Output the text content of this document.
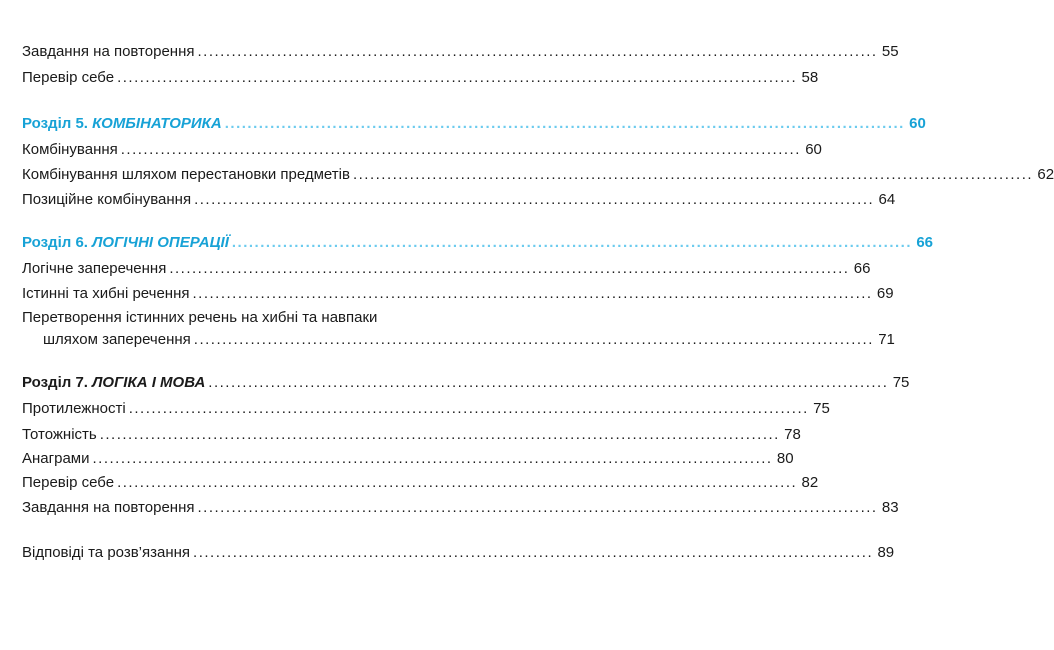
Завдання на повторення ........................................................................................................................ 55
Перевір себе ........................................................................................................................ 58
Розділ 5. КОМБІНАТОРИКА ........................................................................................................................ 60
Комбінування ........................................................................................................................ 60
Комбінування шляхом перестановки предметів ........................................................................................................................ 62
Позиційне комбінування ........................................................................................................................ 64
Розділ 6. ЛОГІЧНІ ОПЕРАЦІЇ ........................................................................................................................ 66
Логічне заперечення ........................................................................................................................ 66
Істинні та хибні речення ........................................................................................................................ 69
Перетворення істинних речень на хибні та навпаки
шляхом заперечення ........................................................................................................................ 71
Розділ 7. ЛОГІКА І МОВА ........................................................................................................................ 75
Протилежності ........................................................................................................................ 75
Тотожність ........................................................................................................................ 78
Анаграми ........................................................................................................................ 80
Перевір себе ........................................................................................................................ 82
Завдання на повторення ........................................................................................................................ 83
Відповіді та розв’язання ........................................................................................................................ 89
